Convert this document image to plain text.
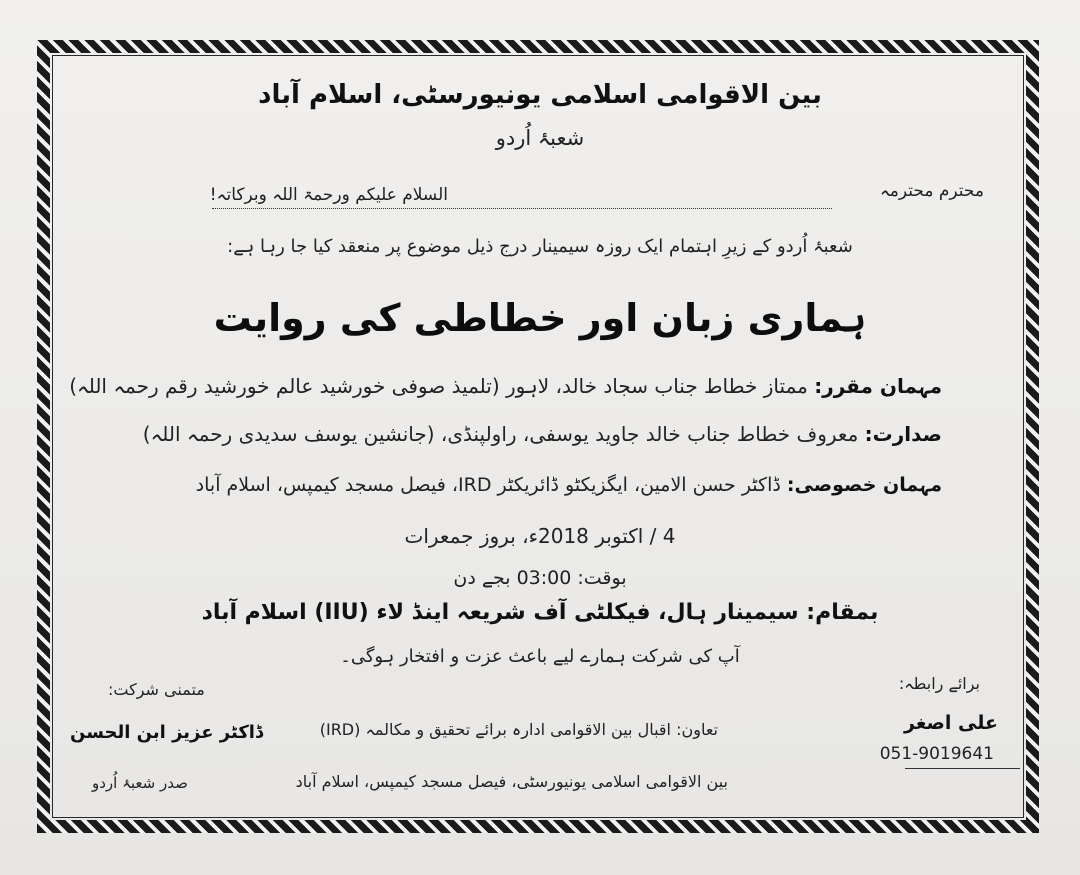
بین الاقوامی اسلامی یونیورسٹی، اسلام آباد
شعبۂ اُردو
محترم محترمہ
السلام علیکم ورحمۃ اللہ وبرکاتہ!
شعبۂ اُردو کے زیرِ اہتمام ایک روزہ سیمینار درج ذیل موضوع پر منعقد کیا جا رہا ہے:
ہماری زبان اور خطاطی کی روایت
مہمان مقرر: ممتاز خطاط جناب سجاد خالد، لاہور (تلمیذ صوفی خورشید عالم خورشید رقم رحمہ اللہ)
صدارت: معروف خطاط جناب خالد جاوید یوسفی، راولپنڈی، (جانشین یوسف سدیدی رحمہ اللہ)
مہمان خصوصی: ڈاکٹر حسن الامین، ایگزیکٹو ڈائریکٹر IRD، فیصل مسجد کیمپس، اسلام آباد
4 / اکتوبر 2018ء، بروز جمعرات
بوقت: 03:00 بجے دن
بمقام: سیمینار ہال، فیکلٹی آف شریعہ اینڈ لاء (IIU) اسلام آباد
آپ کی شرکت ہمارے لیے باعث عزت و افتخار ہوگی۔
برائے رابطہ:
علی اصغر
051-9019641
متمنی شرکت:
ڈاکٹر عزیز ابن الحسن
صدر شعبۂ اُردو
تعاون: اقبال بین الاقوامی ادارہ برائے تحقیق و مکالمہ (IRD)
بین الاقوامی اسلامی یونیورسٹی، فیصل مسجد کیمپس، اسلام آباد
